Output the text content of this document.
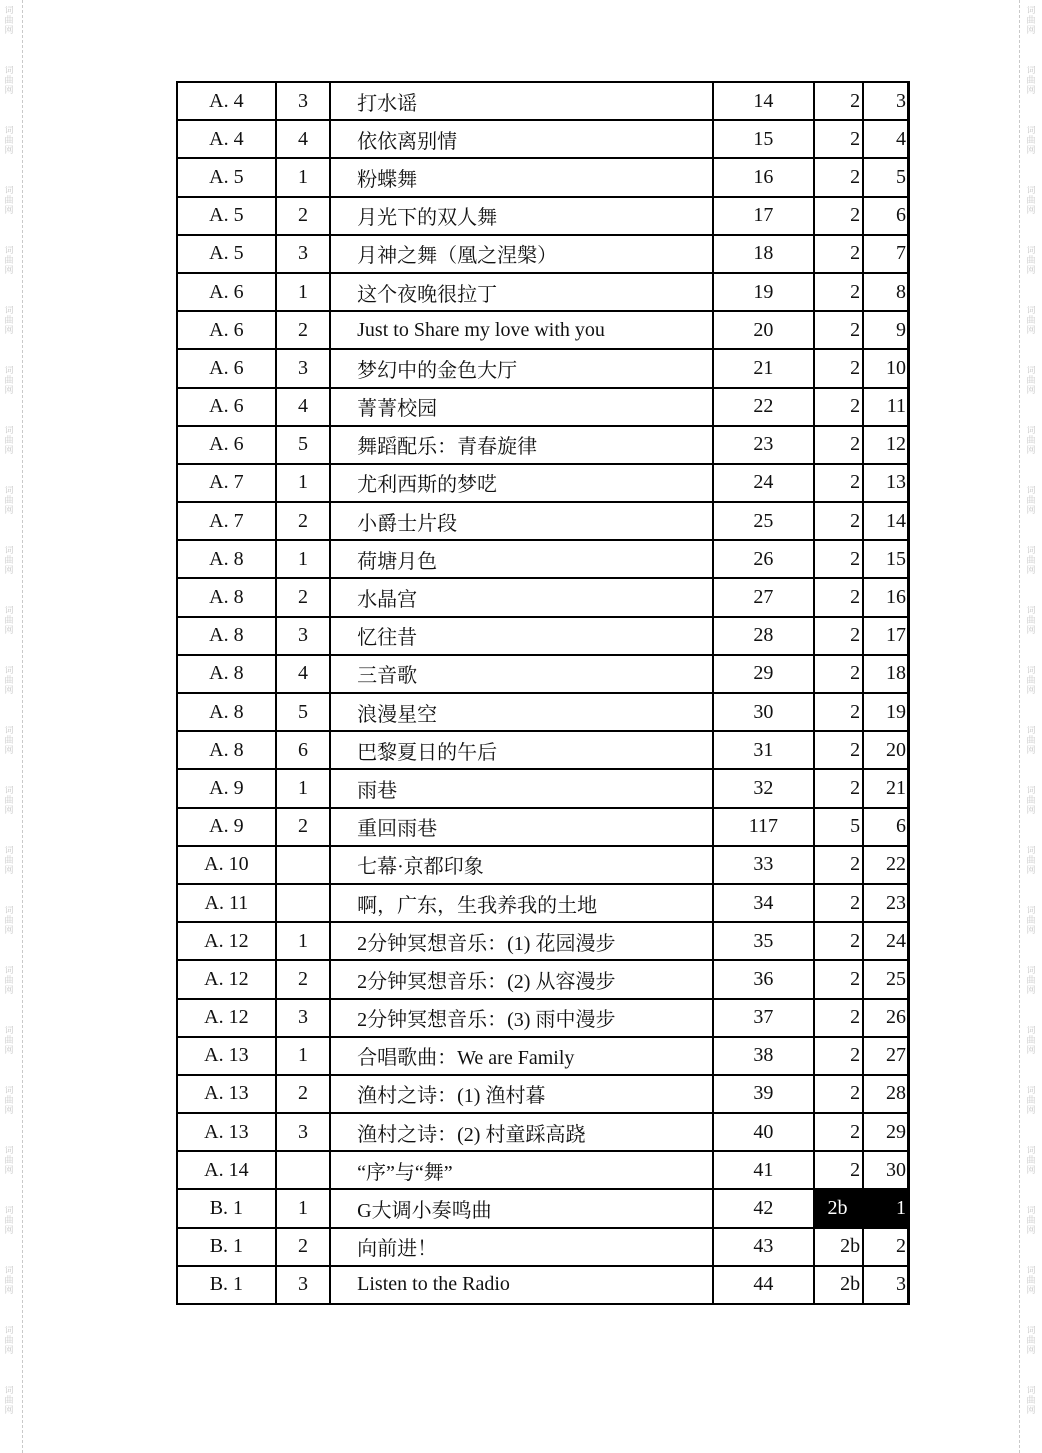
词曲网
词曲网
词曲网
词曲网
词曲网
词曲网
词曲网
词曲网
词曲网
词曲网
词曲网
词曲网
词曲网
词曲网
词曲网
词曲网
词曲网
词曲网
词曲网
词曲网
词曲网
词曲网
词曲网
词曲网
词曲网
词曲网
词曲网
词曲网
词曲网
词曲网
词曲网
词曲网
词曲网
词曲网
词曲网
词曲网
词曲网
词曲网
词曲网
词曲网
词曲网
词曲网
词曲网
词曲网
词曲网
词曲网
词曲网
词曲网
A. 4	3	打水谣	14	2	3
A. 4	4	依依离别情	15	2	4
A. 5	1	粉蝶舞	16	2	5
A. 5	2	月光下的双人舞	17	2	6
A. 5	3	月神之舞（凰之涅槃）	18	2	7
A. 6	1	这个夜晚很拉丁	19	2	8
A. 6	2	Just to Share my love with you	20	2	9
A. 6	3	梦幻中的金色大厅	21	2	10
A. 6	4	菁菁校园	22	2	11
A. 6	5	舞蹈配乐：青春旋律	23	2	12
A. 7	1	尤利西斯的梦呓	24	2	13
A. 7	2	小爵士片段	25	2	14
A. 8	1	荷塘月色	26	2	15
A. 8	2	水晶宫	27	2	16
A. 8	3	忆往昔	28	2	17
A. 8	4	三音歌	29	2	18
A. 8	5	浪漫星空	30	2	19
A. 8	6	巴黎夏日的午后	31	2	20
A. 9	1	雨巷	32	2	21
A. 9	2	重回雨巷	117	5	6
A. 10		七幕·京都印象	33	2	22
A. 11		啊，广东，生我养我的土地	34	2	23
A. 12	1	2分钟冥想音乐：(1) 花园漫步	35	2	24
A. 12	2	2分钟冥想音乐：(2) 从容漫步	36	2	25
A. 12	3	2分钟冥想音乐：(3) 雨中漫步	37	2	26
A. 13	1	合唱歌曲：We are Family	38	2	27
A. 13	2	渔村之诗：(1) 渔村暮	39	2	28
A. 13	3	渔村之诗：(2) 村童踩高跷	40	2	29
A. 14		“序”与“舞”	41	2	30
B. 1	1	G大调小奏鸣曲	42	2b	1
B. 1	2	向前进！	43	2b	2
B. 1	3	Listen to the Radio	44	2b	3
